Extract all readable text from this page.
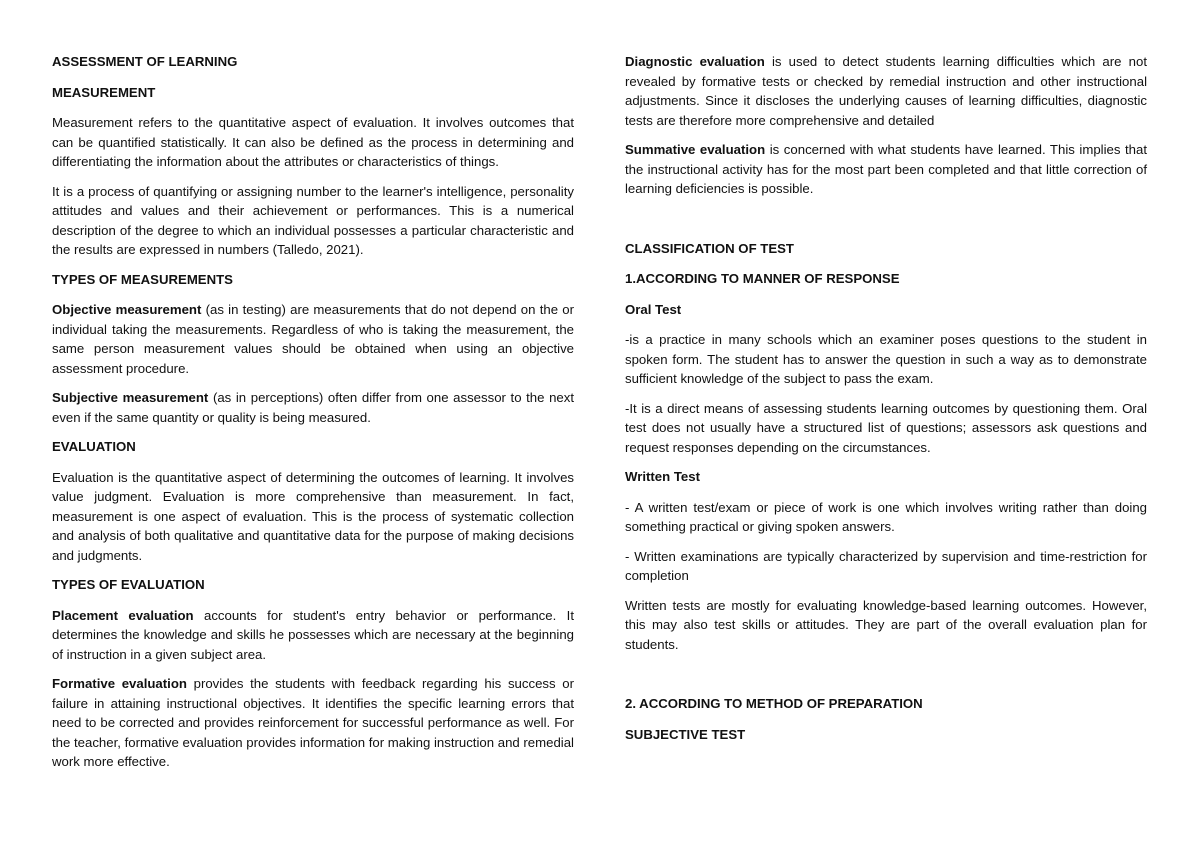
ASSESSMENT OF LEARNING
MEASUREMENT

Measurement refers to the quantitative aspect of evaluation. It involves outcomes that can be quantified statistically. It can also be defined as the process in determining and differentiating the information about the attributes or characteristics of things.

It is a process of quantifying or assigning number to the learner's intelligence, personality attitudes and values and their achievement or performances. This is a numerical description of the degree to which an individual possesses a particular characteristic and the results are expressed in numbers (Talledo, 2021).

TYPES OF MEASUREMENTS

Objective measurement (as in testing) are measurements that do not depend on the or individual taking the measurements. Regardless of who is taking the measurement, the same person measurement values should be obtained when using an objective assessment procedure.

Subjective measurement (as in perceptions) often differ from one assessor to the next even if the same quantity or quality is being measured.

EVALUATION

Evaluation is the quantitative aspect of determining the outcomes of learning. It involves value judgment. Evaluation is more comprehensive than measurement. In fact, measurement is one aspect of evaluation. This is the process of systematic collection and analysis of both qualitative and quantitative data for the purpose of making decisions and judgments.

TYPES OF EVALUATION

Placement evaluation accounts for student's entry behavior or performance. It determines the knowledge and skills he possesses which are necessary at the beginning of instruction in a given subject area.

Formative evaluation provides the students with feedback regarding his success or failure in attaining instructional objectives. It identifies the specific learning errors that need to be corrected and provides reinforcement for successful performance as well. For the teacher, formative evaluation provides information for making instruction and remedial work more effective.

Diagnostic evaluation is used to detect students learning difficulties which are not revealed by formative tests or checked by remedial instruction and other instructional adjustments. Since it discloses the underlying causes of learning difficulties, diagnostic tests are therefore more comprehensive and detailed

Summative evaluation is concerned with what students have learned. This implies that the instructional activity has for the most part been completed and that little correction of learning deficiencies is possible.

CLASSIFICATION OF TEST
1.ACCORDING TO MANNER OF RESPONSE
Oral Test

-is a practice in many schools which an examiner poses questions to the student in spoken form. The student has to answer the question in such a way as to demonstrate sufficient knowledge of the subject to pass the exam.

-It is a direct means of assessing students learning outcomes by questioning them. Oral test does not usually have a structured list of questions; assessors ask questions and request responses depending on the circumstances.

Written Test

- A written test/exam or piece of work is one which involves writing rather than doing something practical or giving spoken answers.

- Written examinations are typically characterized by supervision and time-restriction for completion

Written tests are mostly for evaluating knowledge-based learning outcomes. However, this may also test skills or attitudes. They are part of the overall evaluation plan for students.

2. ACCORDING TO METHOD OF PREPARATION
SUBJECTIVE TEST
